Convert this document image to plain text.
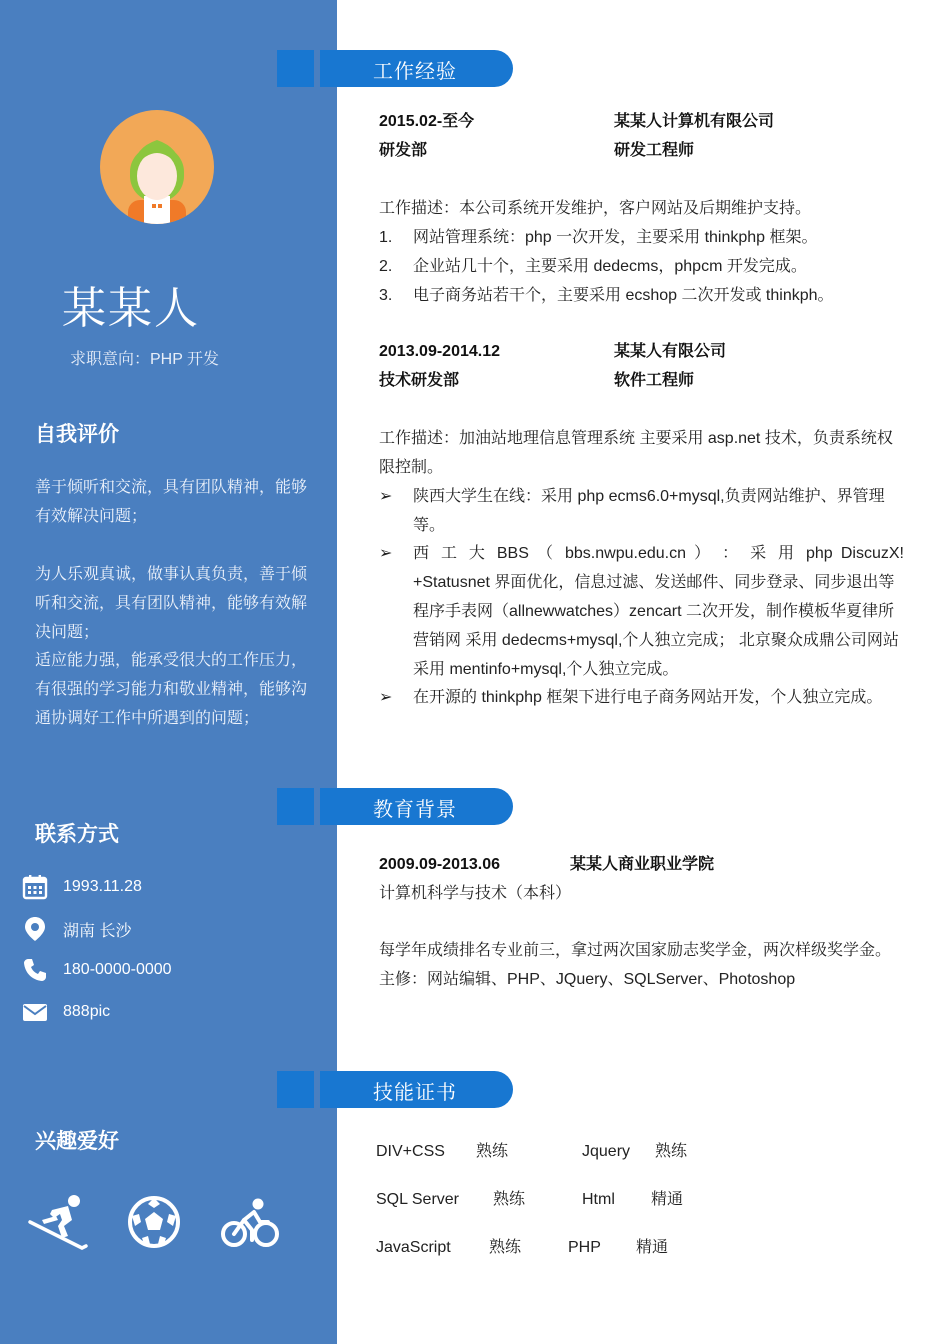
某某人
求职意向：PHP 开发
自我评价

善于倾听和交流，具有团队精神，能够有效解决问题；

为人乐观真诚，做事认真负责，善于倾听和交流，具有团队精神，能够有效解决问题；

适应能力强，能承受很大的工作压力，有很强的学习能力和敬业精神，能够沟通协调好工作中所遇到的问题；

联系方式
1993.11.28
湖南 长沙
180-0000-0000
888pic
兴趣爱好
工作经验
2015.02-至今	某某人计算机有限公司
研发部	研发工程师
工作描述：本公司系统开发维护，客户网站及后期维护支持。
1. 网站管理系统：php 一次开发，主要采用 thinkphp 框架。
2. 企业站几十个，主要采用 dedecms，phpcm 开发完成。
3. 电子商务站若干个，主要采用 ecshop 二次开发或 thinkph。
2013.09-2014.12	某某人有限公司
技术研发部	软件工程师

工作描述：加油站地理信息管理系统 主要采用 asp.net 技术，负责系统权限控制。

➢ 陕西大学生在线：采用 php ecms6.0+mysql,负责网站维护、界管理等。
➢ 西 工 大 BBS （ bbs.nwpu.edu.cn ） ： 采 用 php DiscuzX!
+Statusnet 界面优化，信息过滤、发送邮件、同步登录、同步退出等程序手表网（allnewwatches）zencart 二次开发，制作模板华夏律所营销网 采用 dedecms+mysql,个人独立完成； 北京聚众成鼎公司网站 采用 mentinfo+mysql,个人独立完成。
➢ 在开源的 thinkphp 框架下进行电子商务网站开发，个人独立完成。
教育背景
2009.09-2013.06	某某人商业职业学院
计算机科学与技术（本科）
每学年成绩排名专业前三，拿过两次国家励志奖学金，两次样级奖学金。
主修：网站编辑、PHP、JQuery、SQLServer、Photoshop
技能证书
DIV+CSS 熟练	Jquery 熟练
SQL Server 熟练	Html 精通
JavaScript 熟练	PHP 精通
